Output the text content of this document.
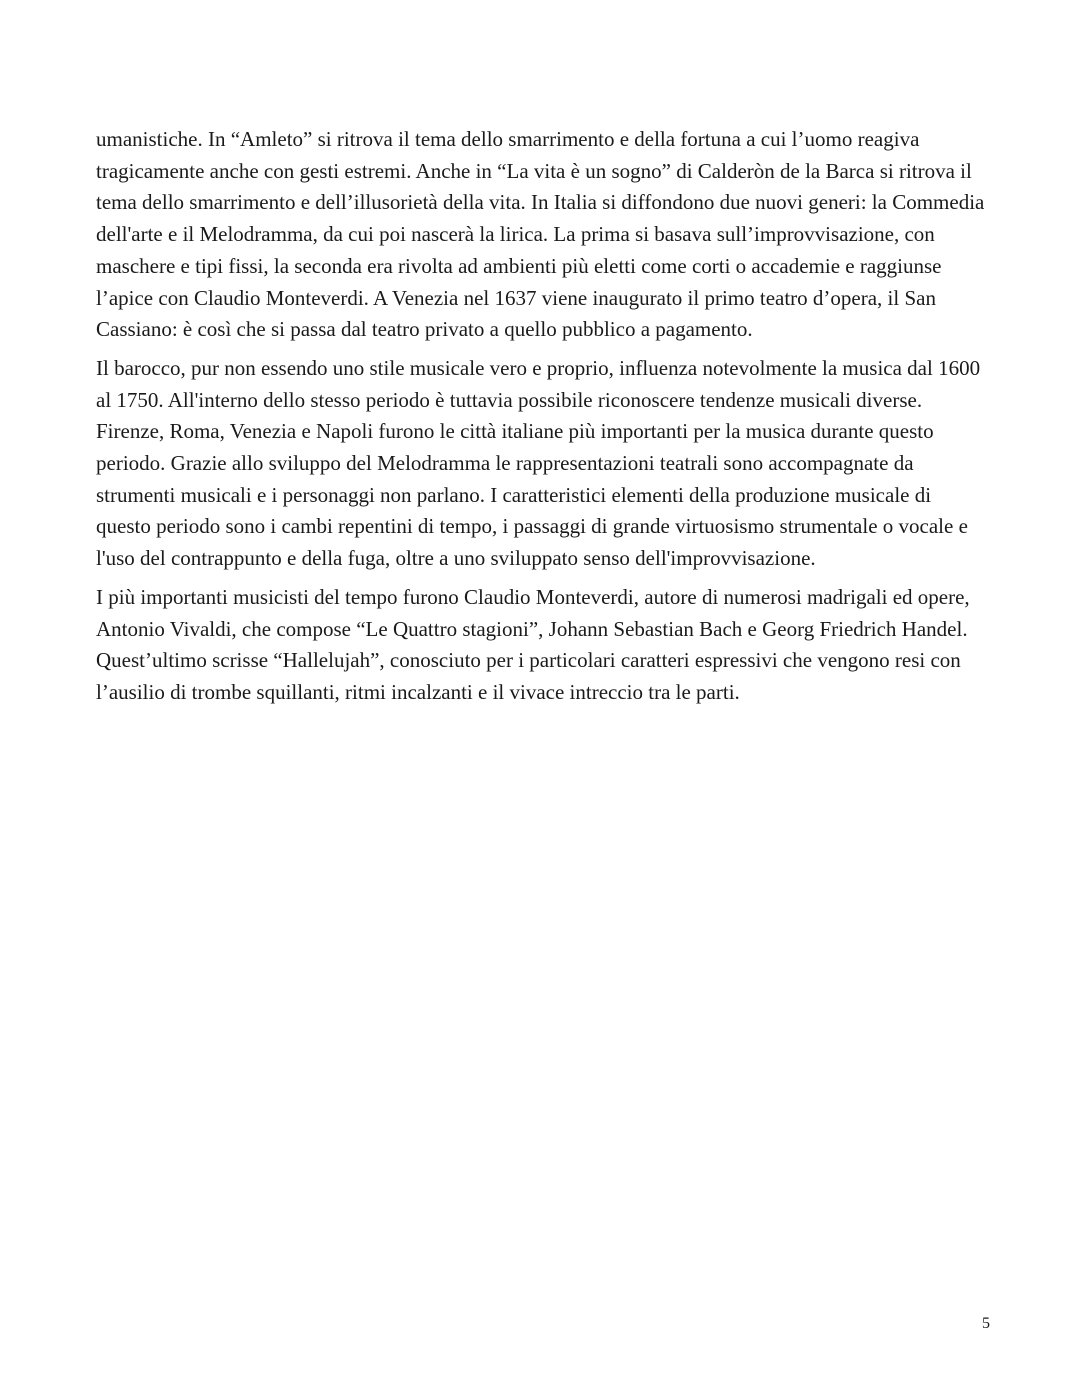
umanistiche. In “Amleto” si ritrova il tema dello smarrimento e della fortuna a cui l’uomo reagiva tragicamente anche con gesti estremi. Anche in “La vita è un sogno” di Calderòn de la Barca si ritrova il tema dello smarrimento e dell’illusorietà della vita. In Italia si diffondono due nuovi generi: la Commedia dell'arte e il Melodramma, da cui poi nascerà la lirica. La prima si basava sull’improvvisazione, con maschere e tipi fissi, la seconda era rivolta ad ambienti più eletti come corti o accademie e raggiunse l’apice con Claudio Monteverdi. A Venezia nel 1637 viene inaugurato il primo teatro d’opera, il San Cassiano: è così che si passa dal teatro privato a quello pubblico a pagamento.

Il barocco, pur non essendo uno stile musicale vero e proprio, influenza notevolmente la musica dal 1600 al 1750. All'interno dello stesso periodo è tuttavia possibile riconoscere tendenze musicali diverse. Firenze, Roma, Venezia e Napoli furono le città italiane più importanti per la musica durante questo periodo. Grazie allo sviluppo del Melodramma le rappresentazioni teatrali sono accompagnate da strumenti musicali e i personaggi non parlano. I caratteristici elementi della produzione musicale di questo periodo sono i cambi repentini di tempo, i passaggi di grande virtuosismo strumentale o vocale e l'uso del contrappunto e della fuga, oltre a uno sviluppato senso dell'improvvisazione.

I più importanti musicisti del tempo furono Claudio Monteverdi, autore di numerosi madrigali ed opere, Antonio Vivaldi, che compose “Le Quattro stagioni”, Johann Sebastian Bach e Georg Friedrich Handel. Quest’ultimo scrisse “Hallelujah”, conosciuto per i particolari caratteri espressivi che vengono resi con l’ausilio di trombe squillanti, ritmi incalzanti e il vivace intreccio tra le parti.

5
